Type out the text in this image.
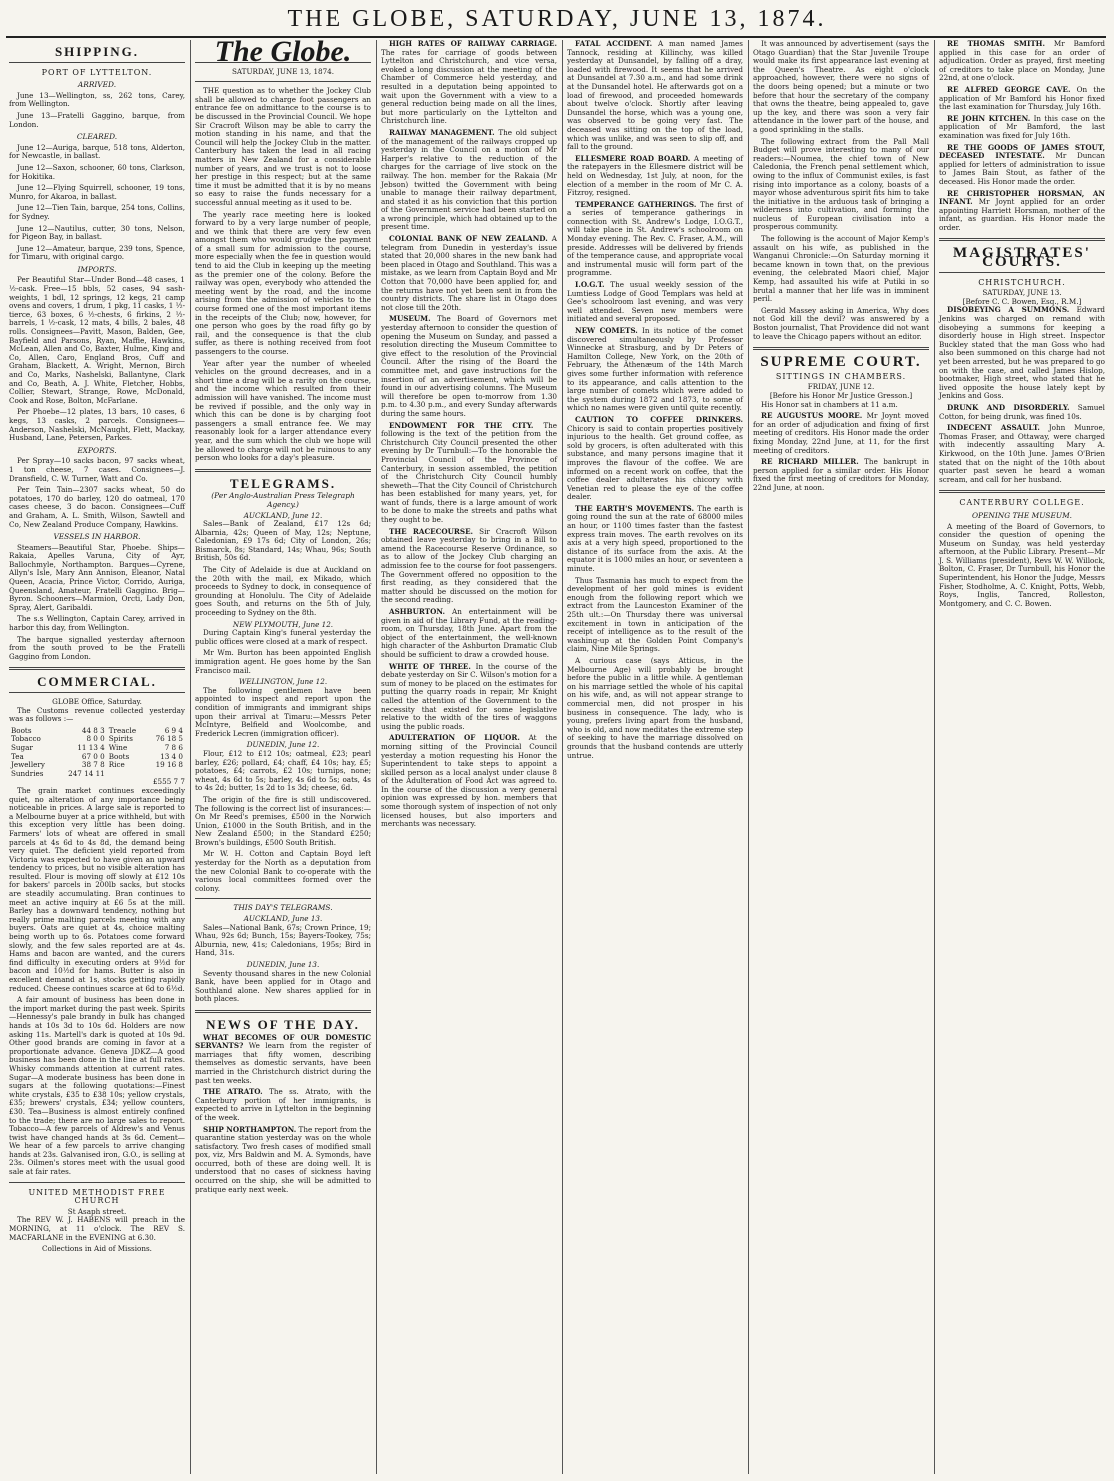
THE GLOBE, SATURDAY, JUNE 13, 1874.
SHIPPING.
PORT OF LYTTELTON.
ARRIVED.

June 13—Wellington, ss, 262 tons, Carey, from Wellington.

June 13—Fratelli Gaggino, barque, from London.

CLEARED.

June 12—Auriga, barque, 518 tons, Alderton, for Newcastle, in ballast.

June 12—Saxon, schooner, 60 tons, Clarkson, for Hokitika.

June 12—Flying Squirrell, schooner, 19 tons, Munro, for Akaroa, in ballast.

June 12—Tien Tain, barque, 254 tons, Collins, for Sydney.

June 12—Nautilus, cutter, 30 tons, Nelson, for Pigeon Bay, in ballast.

June 12—Amateur, barque, 239 tons, Spence, for Timaru, with original cargo.

IMPORTS.

Per Beautiful Star—Under Bond—48 cases, 1 ½-cask. Free—15 bbls, 52 cases, 94 sash-weights, 1 bdl, 12 springs, 12 kegs, 21 camp ovens and covers, 1 drum, 1 pkg, 11 casks, 1 ½-tierce, 63 boxes, 6 ½-chests, 6 firkins, 2 ½-barrels, 1 ½-cask, 12 mats, 4 bills, 2 bales, 48 rolls. Consignees—Pavitt, Mason, Balden, Gee, Bayfield and Parsons, Ryan, Maffie, Hawkins, McLean, Allen and Co, Baxter, Hulme, King and Co, Allen, Caro, England Bros, Cuff and Graham, Blackett, A. Wright, Mernon, Birch and Co, Marks, Nashelski, Ballantyne, Clark and Co, Beath, A. J. White, Fletcher, Hobbs, Collier, Stewart, Strange, Rowe, McDonald, Cook and Rose, Bolton, McFarlane.

Per Phoebe—12 plates, 13 bars, 10 cases, 6 kegs, 13 casks, 2 parcels. Consignees—Anderson, Nashelski, McNaught, Flett, Mackay, Husband, Lane, Petersen, Parkes.

EXPORTS.

Per Spray—10 sacks bacon, 97 sacks wheat, 1 ton cheese, 7 cases. Consignees—J. Dransfield, C. W. Turner, Watt and Co.

Per Tein Tain—2307 sacks wheat, 50 do potatoes, 170 do barley, 120 do oatmeal, 170 cases cheese, 3 do bacon. Consignees—Cuff and Graham, A. L. Smith, Wilson, Sawtell and Co, New Zealand Produce Company, Hawkins.

VESSELS IN HARBOR.

Steamers—Beautiful Star, Phoebe. Ships—Rakaia, Apelles Varuna, City of Ayr, Ballochmyle, Northampton. Barques—Cyrene, Allyn's Isle, Mary Ann Annison, Eleanor, Natal Queen, Acacia, Prince Victor, Corrido, Auriga, Queensland, Amateur, Fratelli Gaggino. Brig—Byron. Schooners—Marmion, Orcti, Lady Don, Spray, Alert, Garibaldi.

The s.s Wellington, Captain Carey, arrived in harbor this day, from Wellington.

The barque signalled yesterday afternoon from the south proved to be the Fratelli Gaggino from London.

COMMERCIAL.
GLOBE Office, Saturday.

The Customs revenue collected yesterday was as follows :—

Boots	44 8 3	Treacle	6 9 4
Tobacco	8 0 0	Spirits	76 18 5
Sugar	11 13 4	Wine	7 8 6
Tea	67 0 0	Boots	13 4 0
Jewellery	38 7 8	Rice	19 16 8
Sundries	247 14 11		
£555 7 7

The grain market continues exceedingly quiet, no alteration of any importance being noticeable in prices. A large sale is reported to a Melbourne buyer at a price withheld, but with this exception very little has been doing. Farmers' lots of wheat are offered in small parcels at 4s 6d to 4s 8d, the demand being very quiet. The deficient yield reported from Victoria was expected to have given an upward tendency to prices, but no visible alteration has resulted. Flour is moving off slowly at £12 10s for bakers' parcels in 200lb sacks, but stocks are steadily accumulating. Bran continues to meet an active inquiry at £6 5s at the mill. Barley has a downward tendency, nothing but really prime malting parcels meeting with any buyers. Oats are quiet at 4s, choice malting being worth up to 6s. Potatoes come forward slowly, and the few sales reported are at 4s. Hams and bacon are wanted, and the curers find difficulty in executing orders at 9½d for bacon and 10½d for hams. Butter is also in excellent demand at 1s, stocks getting rapidly reduced. Cheese continues scarce at 6d to 6½d.

A fair amount of business has been done in the import market during the past week. Spirits—Hennessy's pale brandy in bulk has changed hands at 10s 3d to 10s 6d. Holders are now asking 11s. Martell's dark is quoted at 10s 9d. Other good brands are coming in favor at a proportionate advance. Geneva JDKZ—A good business has been done in the line at full rates. Whisky commands attention at current rates. Sugar—A moderate business has been done in sugars at the following quotations:—Finest white crystals, £35 to £38 10s; yellow crystals, £35; brewers' crystals, £34; yellow counters, £30. Tea—Business is almost entirely confined to the trade; there are no large sales to report. Tobacco—A few parcels of Aldrew's and Venus twist have changed hands at 3s 6d. Cement—We hear of a few parcels to arrive changing hands at 23s. Galvanised iron, G.O., is selling at 23s. Oilmen's stores meet with the usual good sale at fair rates.

UNITED METHODIST FREE CHURCH
St Asaph street.

The REV W. J. HABENS will preach in the MORNING, at 11 o'clock. The REV S. MACFARLANE in the EVENING at 6.30.

Collections in Aid of Missions.
The Globe.
SATURDAY, JUNE 13, 1874.

THE question as to whether the Jockey Club shall be allowed to charge foot passengers an entrance fee on admittance to the course is to be discussed in the Provincial Council. We hope Sir Cracroft Wilson may be able to carry the motion standing in his name, and that the Council will help the Jockey Club in the matter. Canterbury has taken the lead in all racing matters in New Zealand for a considerable number of years, and we trust is not to loose her prestige in this respect; but at the same time it must be admitted that it is by no means so easy to raise the funds necessary for a successful annual meeting as it used to be.

The yearly race meeting here is looked forward to by a very large number of people, and we think that there are very few even amongst them who would grudge the payment of a small sum for admission to the course, more especially when the fee in question would tend to aid the Club in keeping up the meeting as the premier one of the colony. Before the railway was open, everybody who attended the meeting went by the road, and the income arising from the admission of vehicles to the course formed one of the most important items in the receipts of the Club; now, however, for one person who goes by the road fifty go by rail, and the consequence is that the club suffer, as there is nothing received from foot passengers to the course.

Year after year the number of wheeled vehicles on the ground decreases, and in a short time a drag will be a rarity on the course, and the income which resulted from their admission will have vanished. The income must be revived if possible, and the only way in which this can be done is by charging foot passengers a small entrance fee. We may reasonably look for a larger attendance every year, and the sum which the club we hope will be allowed to charge will not be ruinous to any person who looks for a day's pleasure.

TELEGRAMS.
(Per Anglo-Australian Press Telegraph Agency.)
AUCKLAND, June 12.

Sales—Bank of Zealand, £17 12s 6d; Albarnia, 42s; Queen of May, 12s; Neptune, Caledonian, £9 17s 6d; City of London, 26s; Bismarck, 8s; Standard, 14s; Whau, 96s; South British, 50s 6d.

The City of Adelaide is due at Auckland on the 20th with the mail, ex Mikado, which proceeds to Sydney to dock, in consequence of grounding at Honolulu. The City of Adelaide goes South, and returns on the 5th of July, proceeding to Sydney on the 8th.

NEW PLYMOUTH, June 12.

During Captain King's funeral yesterday the public offices were closed at a mark of respect.

Mr Wm. Burton has been appointed English immigration agent. He goes home by the San Francisco mail.

WELLINGTON, June 12.

The following gentlemen have been appointed to inspect and report upon the condition of immigrants and immigrant ships upon their arrival at Timaru:—Messrs Peter McIntyre, Belfield and Woolcombe, and Frederick Lecren (immigration officer).

DUNEDIN, June 12.

Flour, £12 to £12 10s; oatmeal, £23; pearl barley, £26; pollard, £4; chaff, £4 10s; hay, £5; potatoes, £4; carrots, £2 10s; turnips, none; wheat, 4s 6d to 5s; barley, 4s 6d to 5s; oats, 4s to 4s 2d; butter, 1s 2d to 1s 3d; cheese, 6d.

The origin of the fire is still undiscovered. The following is the correct list of insurances:—On Mr Reed's premises, £500 in the Norwich Union, £1000 in the South British, and in the New Zealand £500; in the Standard £250; Brown's buildings, £500 South British.

Mr W. H. Cotton and Captain Boyd left yesterday for the North as a deputation from the new Colonial Bank to co-operate with the various local committees formed over the colony.

THIS DAY'S TELEGRAMS.
AUCKLAND, June 13.

Sales—National Bank, 67s; Crown Prince, 19; Whau, 92s 6d; Bunch, 15s; Bayers-Tookey, 75s; Alburnia, new, 41s; Caledonians, 195s; Bird in Hand, 31s.

DUNEDIN, June 13.

Seventy thousand shares in the new Colonial Bank, have been applied for in Otago and Southland alone. New shares applied for in both places.

NEWS OF THE DAY.

WHAT BECOMES OF OUR DOMESTIC SERVANTS? We learn from the register of marriages that fifty women, describing themselves as domestic servants, have been married in the Christchurch district during the past ten weeks.

THE ATRATO. The ss. Atrato, with the Canterbury portion of her immigrants, is expected to arrive in Lyttelton in the beginning of the week.

SHIP NORTHAMPTON. The report from the quarantine station yesterday was on the whole satisfactory. Two fresh cases of modified small pox, viz, Mrs Baldwin and M. A. Symonds, have occurred, both of these are doing well. It is understood that no cases of sickness having occurred on the ship, she will be admitted to pratique early next week.

HIGH RATES OF RAILWAY CARRIAGE. The rates for carriage of goods between Lyttelton and Christchurch, and vice versa, evoked a long discussion at the meeting of the Chamber of Commerce held yesterday, and resulted in a deputation being appointed to wait upon the Government with a view to a general reduction being made on all the lines, but more particularly on the Lyttelton and Christchurch line.

RAILWAY MANAGEMENT. The old subject of the management of the railways cropped up yesterday in the Council on a motion of Mr Harper's relative to the reduction of the charges for the carriage of live stock on the railway. The hon. member for the Rakaia (Mr Jebson) twitted the Government with being unable to manage their railway department, and stated it as his conviction that this portion of the Government service had been started on a wrong principle, which had obtained up to the present time.

COLONIAL BANK OF NEW ZEALAND. A telegram from Dunedin in yesterday's issue stated that 20,000 shares in the new bank had been placed in Otago and Southland. This was a mistake, as we learn from Captain Boyd and Mr Cotton that 70,000 have been applied for, and the returns have not yet been sent in from the country districts. The share list in Otago does not close till the 20th.

MUSEUM. The Board of Governors met yesterday afternoon to consider the question of opening the Museum on Sunday, and passed a resolution directing the Museum Committee to give effect to the resolution of the Provincial Council. After the rising of the Board the committee met, and gave instructions for the insertion of an advertisement, which will be found in our advertising columns. The Museum will therefore be open to-morrow from 1.30 p.m. to 4.30 p.m., and every Sunday afterwards during the same hours.

ENDOWMENT FOR THE CITY. The following is the text of the petition from the Christchurch City Council presented the other evening by Dr Turnbull:—To the honorable the Provincial Council of the Province of Canterbury, in session assembled, the petition of the Christchurch City Council humbly sheweth—That the City Council of Christchurch has been established for many years, yet, for want of funds, there is a large amount of work to be done to make the streets and paths what they ought to be.

THE RACECOURSE. Sir Cracroft Wilson obtained leave yesterday to bring in a Bill to amend the Racecourse Reserve Ordinance, so as to allow of the Jockey Club charging an admission fee to the course for foot passengers. The Government offered no opposition to the first reading, as they considered that the matter should be discussed on the motion for the second reading.

ASHBURTON. An entertainment will be given in aid of the Library Fund, at the reading-room, on Thursday, 18th June. Apart from the object of the entertainment, the well-known high character of the Ashburton Dramatic Club should be sufficient to draw a crowded house.

WHITE OF THREE. In the course of the debate yesterday on Sir C. Wilson's motion for a sum of money to be placed on the estimates for putting the quarry roads in repair, Mr Knight called the attention of the Government to the necessity that existed for some legislative relative to the width of the tires of waggons using the public roads.

ADULTERATION OF LIQUOR. At the morning sitting of the Provincial Council yesterday a motion requesting his Honor the Superintendent to take steps to appoint a skilled person as a local analyst under clause 8 of the Adulteration of Food Act was agreed to. In the course of the discussion a very general opinion was expressed by hon. members that some thorough system of inspection of not only licensed houses, but also importers and merchants was necessary.

FATAL ACCIDENT. A man named James Tannock, residing at Killinchy, was killed yesterday at Dunsandel, by falling off a dray, loaded with firewood. It seems that he arrived at Dunsandel at 7.30 a.m., and had some drink at the Dunsandel hotel. He afterwards got on a load of firewood, and proceeded homewards about twelve o'clock. Shortly after leaving Dunsandel the horse, which was a young one, was observed to be going very fast. The deceased was sitting on the top of the load, which was unlike, and was seen to slip off, and fall to the ground.

ELLESMERE ROAD BOARD. A meeting of the ratepayers in the Ellesmere district will be held on Wednesday, 1st July, at noon, for the election of a member in the room of Mr C. A. Fitzroy, resigned.

TEMPERANCE GATHERINGS. The first of a series of temperance gatherings in connection with St. Andrew's Lodge, I.O.G.T., will take place in St. Andrew's schoolroom on Monday evening. The Rev. C. Fraser, A.M., will preside. Addresses will be delivered by friends of the temperance cause, and appropriate vocal and instrumental music will form part of the programme.

I.O.G.T. The usual weekly session of the Lumtiess Lodge of Good Templars was held at Gee's schoolroom last evening, and was very well attended. Seven new members were initiated and several proposed.

NEW COMETS. In its notice of the comet discovered simultaneously by Professor Winnecke at Strasburg, and by Dr Peters of Hamilton College, New York, on the 20th of February, the Athenæum of the 14th March gives some further information with reference to its appearance, and calls attention to the large number of comets which were added to the system during 1872 and 1873, to some of which no names were given until quite recently.

CAUTION TO COFFEE DRINKERS. Chicory is said to contain properties positively injurious to the health. Get ground coffee, as sold by grocers, is often adulterated with this substance, and many persons imagine that it improves the flavour of the coffee. We are informed on a recent work on coffee, that the coffee dealer adulterates his chicory with Venetian red to please the eye of the coffee dealer.

THE EARTH'S MOVEMENTS. The earth is going round the sun at the rate of 68000 miles an hour, or 1100 times faster than the fastest express train moves. The earth revolves on its axis at a very high speed, proportioned to the distance of its surface from the axis. At the equator it is 1000 miles an hour, or seventeen a minute.

Thus Tasmania has much to expect from the development of her gold mines is evident enough from the following report which we extract from the Launceston Examiner of the 25th ult.:—On Thursday there was universal excitement in town in anticipation of the receipt of intelligence as to the result of the washing-up at the Golden Point Company's claim, Nine Mile Springs.

A curious case (says Atticus, in the Melbourne Age) will probably be brought before the public in a little while. A gentleman on his marriage settled the whole of his capital on his wife, and, as will not appear strange to commercial men, did not prosper in his business in consequence. The lady, who is young, prefers living apart from the husband, who is old, and now meditates the extreme step of seeking to have the marriage dissolved on grounds that the husband contends are utterly untrue.

It was announced by advertisement (says the Otago Guardian) that the Star Juvenile Troupe would make its first appearance last evening at the Queen's Theatre. As eight o'clock approached, however, there were no signs of the doors being opened; but a minute or two before that hour the secretary of the company that owns the theatre, being appealed to, gave up the key, and there was soon a very fair attendance in the lower part of the house, and a good sprinkling in the stalls.

The following extract from the Pall Mall Budget will prove interesting to many of our readers:—Noumea, the chief town of New Caledonia, the French penal settlement which, owing to the influx of Communist exiles, is fast rising into importance as a colony, boasts of a mayor whose adventurous spirit fits him to take the initiative in the arduous task of bringing a wilderness into cultivation, and forming the nucleus of European civilisation into a prosperous community.

The following is the account of Major Kemp's assault on his wife, as published in the Wanganui Chronicle:—On Saturday morning it became known in town that, on the previous evening, the celebrated Maori chief, Major Kemp, had assaulted his wife at Putiki in so brutal a manner that her life was in imminent peril.

Gerald Massey asking in America, Why does not God kill the devil? was answered by a Boston journalist, That Providence did not want to leave the Chicago papers without an editor.

SUPREME COURT.
SITTINGS IN CHAMBERS.
FRIDAY, JUNE 12.
[Before his Honor Mr Justice Gresson.]

His Honor sat in chambers at 11 a.m.

RE AUGUSTUS MOORE. Mr Joynt moved for an order of adjudication and fixing of first meeting of creditors. His Honor made the order fixing Monday, 22nd June, at 11, for the first meeting of creditors.

RE RICHARD MILLER. The bankrupt in person applied for a similar order. His Honor fixed the first meeting of creditors for Monday, 22nd June, at noon.

RE THOMAS SMITH. Mr Bamford applied in this case for an order of adjudication. Order as prayed, first meeting of creditors to take place on Monday, June 22nd, at one o'clock.

RE ALFRED GEORGE CAVE. On the application of Mr Bamford his Honor fixed the last examination for Thursday, July 16th.

RE JOHN KITCHEN. In this case on the application of Mr Bamford, the last examination was fixed for July 16th.

RE THE GOODS OF JAMES STOUT, DECEASED INTESTATE. Mr Duncan applied for letters of administration to issue to James Bain Stout, as father of the deceased. His Honor made the order.

RE CHRISTOPHER HORSMAN, AN INFANT. Mr Joynt applied for an order appointing Harriett Horsman, mother of the infant, as guardian. His Honor made the order.

MAGISTRATES' COURTS.
CHRISTCHURCH.
SATURDAY, JUNE 13.
[Before C. C. Bowen, Esq., R.M.]

DISOBEYING A SUMMONS. Edward Jenkins was charged on remand with disobeying a summons for keeping a disorderly house in High street. Inspector Buckley stated that the man Goss who had also been summoned on this charge had not yet been arrested, but he was prepared to go on with the case, and called James Hislop, bootmaker, High street, who stated that he lived opposite the house lately kept by Jenkins and Goss.

DRUNK AND DISORDERLY. Samuel Cotton, for being drunk, was fined 10s.

INDECENT ASSAULT. John Munroe, Thomas Fraser, and Ottaway, were charged with indecently assaulting Mary A. Kirkwood, on the 10th June. James O'Brien stated that on the night of the 10th about quarter past seven he heard a woman scream, and call for her husband.

CANTERBURY COLLEGE.
OPENING THE MUSEUM.

A meeting of the Board of Governors, to consider the question of opening the Museum on Sunday, was held yesterday afternoon, at the Public Library. Present—Mr J. S. Williams (president), Revs W. W. Willock, Bolton, C. Fraser, Dr Turnbull, his Honor the Superintendent, his Honor the Judge, Messrs Fisher, Stodholme, A. C. Knight, Potts, Webb, Roys, Inglis, Tancred, Rolleston, Montgomery, and C. C. Bowen.
